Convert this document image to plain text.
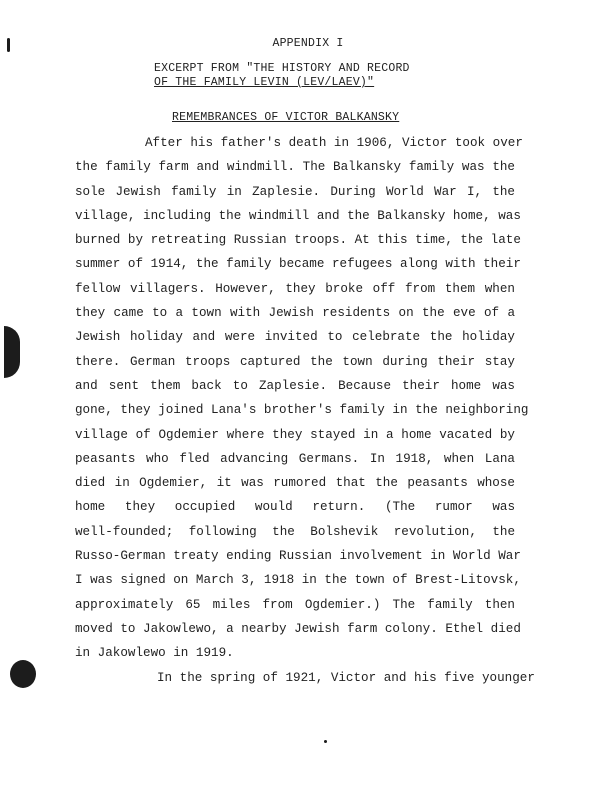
APPENDIX I
EXCERPT FROM "THE HISTORY AND RECORD
OF THE FAMILY LEVIN (LEV/LAEV)"
REMEMBRANCES OF VICTOR BALKANSKY
After his father's death in 1906, Victor took over
the family farm and windmill. The Balkansky family was the
sole Jewish family in Zaplesie. During World War I, the
village, including the windmill and the Balkansky home, was
burned by retreating Russian troops. At this time, the late
summer of 1914, the family became refugees along with their
fellow villagers. However, they broke off from them when
they came to a town with Jewish residents on the eve of a
Jewish holiday and were invited to celebrate the holiday
there. German troops captured the town during their stay
and sent them back to Zaplesie. Because their home was
gone, they joined Lana's brother's family in the neighboring
village of Ogdemier where they stayed in a home vacated by
peasants who fled advancing Germans. In 1918, when Lana
died in Ogdemier, it was rumored that the peasants whose
home they occupied would return. (The rumor was
well-founded; following the Bolshevik revolution, the
Russo-German treaty ending Russian involvement in World War
I was signed on March 3, 1918 in the town of Brest-Litovsk,
approximately 65 miles from Ogdemier.) The family then
moved to Jakowlewo, a nearby Jewish farm colony. Ethel died
in Jakowlewo in 1919.
In the spring of 1921, Victor and his five younger
